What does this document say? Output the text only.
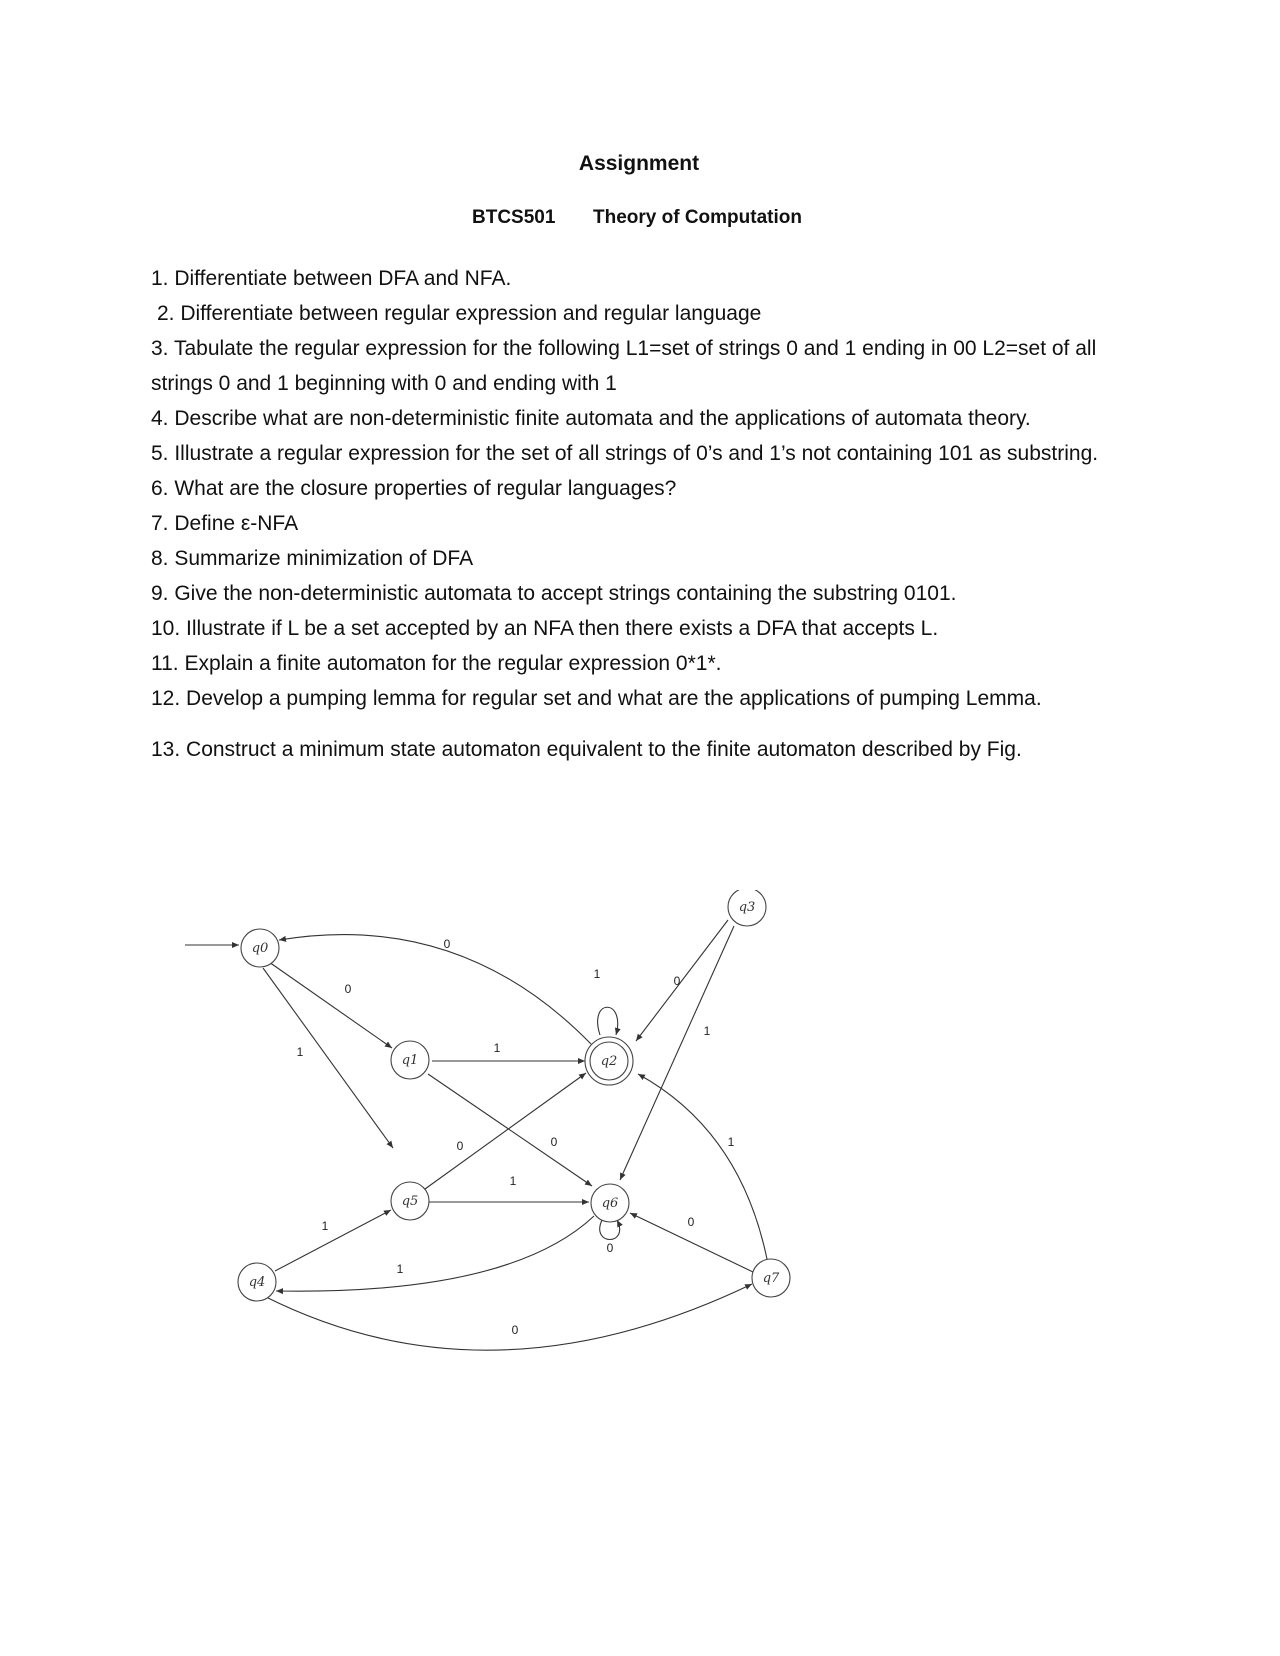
Assignment
BTCS501 Theory of Computation

1. Differentiate between DFA and NFA.

2. Differentiate between regular expression and regular language

3. Tabulate the regular expression for the following L1=set of strings 0 and 1 ending in 00 L2=set of all strings 0 and 1 beginning with 0 and ending with 1

4. Describe what are non-deterministic finite automata and the applications of automata theory.

5. Illustrate a regular expression for the set of all strings of 0’s and 1’s not containing 101 as substring.

6. What are the closure properties of regular languages?

7. Define ε-NFA

8. Summarize minimization of DFA

9. Give the non-deterministic automata to accept strings containing the substring 0101.

10. Illustrate if L be a set accepted by an NFA then there exists a DFA that accepts L.

11. Explain a finite automaton for the regular expression 0*1*.

12. Develop a pumping lemma for regular set and what are the applications of pumping Lemma.

13. Construct a minimum state automaton equivalent to the finite automaton described by Fig.

q0
q1	q2
q3
q4
q5	q6
q7
0
1	1
0
0
1	0
1
0
1
1
1
0
0
1
0
